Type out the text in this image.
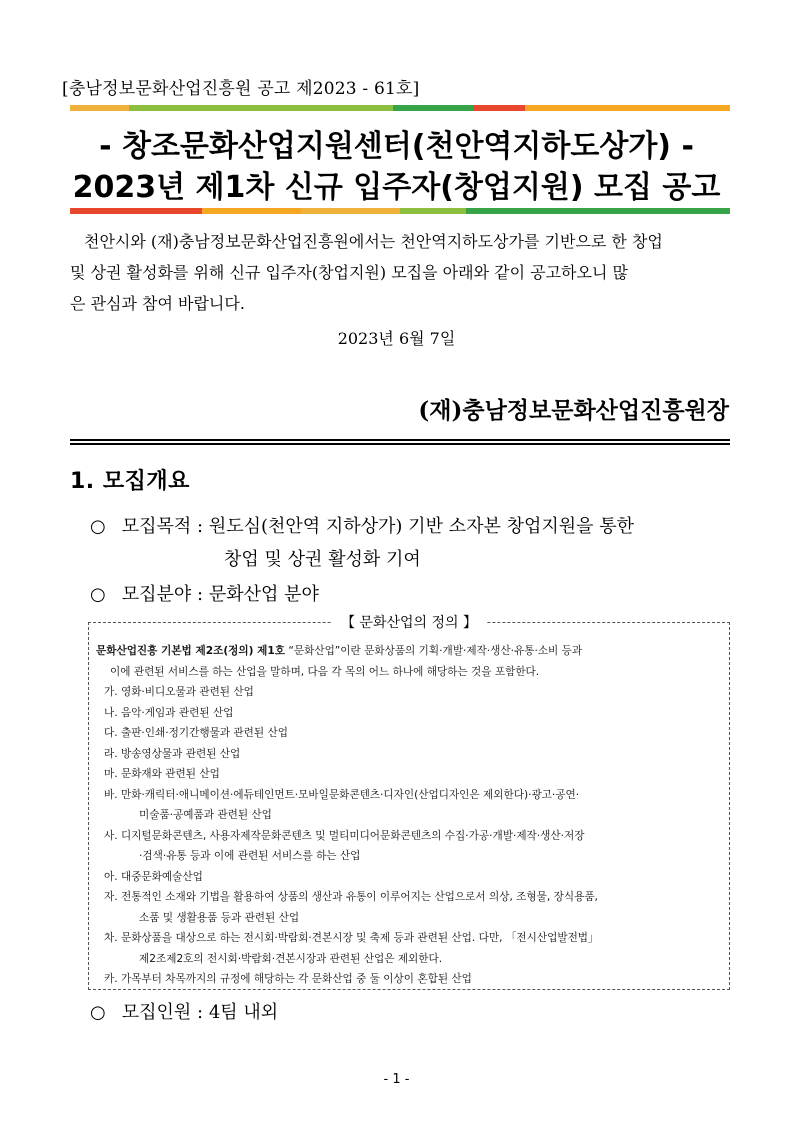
[충남정보문화산업진흥원 공고 제2023 - 61호]
- 창조문화산업지원센터(천안역지하도상가) -
2023년 제1차 신규 입주자(창업지원) 모집 공고
천안시와 (재)충남정보문화산업진흥원에서는 천안역지하도상가를 기반으로 한 창업
및 상권 활성화를 위해 신규 입주자(창업지원) 모집을 아래와 같이 공고하오니 많
은 관심과 참여 바랍니다.
2023년 6월 7일
(재)충남정보문화산업진흥원장
1. 모집개요
○ 모집목적 : 원도심(천안역 지하상가) 기반 소자본 창업지원을 통한
창업 및 상권 활성화 기여
○ 모집분야 : 문화산업 분야
【 문화산업의 정의 】
문화산업진흥 기본법 제2조(정의) 제1호 “문화산업”이란 문화상품의 기획·개발·제작·생산·유통·소비 등과
이에 관련된 서비스를 하는 산업을 말하며, 다음 각 목의 어느 하나에 해당하는 것을 포함한다.
가. 영화·비디오물과 관련된 산업
나. 음악·게임과 관련된 산업
다. 출판·인쇄·정기간행물과 관련된 산업
라. 방송영상물과 관련된 산업
마. 문화재와 관련된 산업
바. 만화·캐릭터·애니메이션·에듀테인먼트·모바일문화콘텐츠·디자인(산업디자인은 제외한다)·광고·공연·
미술품·공예품과 관련된 산업
사. 디지털문화콘텐츠, 사용자제작문화콘텐츠 및 멀티미디어문화콘텐츠의 수집·가공·개발·제작·생산·저장
·검색·유통 등과 이에 관련된 서비스를 하는 산업
아. 대중문화예술산업
자. 전통적인 소재와 기법을 활용하여 상품의 생산과 유통이 이루어지는 산업으로서 의상, 조형물, 장식용품,
소품 및 생활용품 등과 관련된 산업
차. 문화상품을 대상으로 하는 전시회·박람회·견본시장 및 축제 등과 관련된 산업. 다만, 「전시산업발전법」
제2조제2호의 전시회·박람회·견본시장과 관련된 산업은 제외한다.
카. 가목부터 차목까지의 규정에 해당하는 각 문화산업 중 둘 이상이 혼합된 산업
○ 모집인원 : 4팀 내외
- 1 -
